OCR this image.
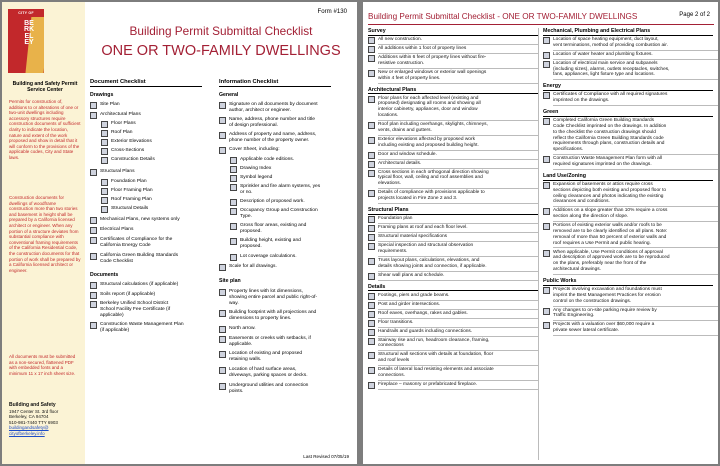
CITY OF
BERKELEY
Building and Safety Permit Service Center
Permits for construction of, additions to or alterations of one or two-unit dwellings including accessory structures require construction documents of sufficient clarity to indicate the location, nature and extent of the work proposed and show in detail that it will conform to the provisions of the applicable codes, City and State laws.
Construction documents for dwellings of woodframe construction more than two stories and basement in height shall be prepared by a California licensed architect or engineer. When any portion of a structure deviates from substantial compliance with conventional framing requirements of the California Residential Code, the construction documents for that portion of work shall be prepared by a California licensed architect or engineer.
All documents must be submitted as a non-secured, flattened PDF with embedded fonts and a minimum 11 x 17 inch sheet size.
Building and Safety
1947 Center St. 3rd floor
Berkeley, CA 94704
510-981-7440 TTY 6903
buildingandsafety@
cityofberkeley.info
Form #130
Building Permit Submittal Checklist
ONE OR TWO-FAMILY DWELLINGS
Document Checklist	Information Checklist
Last Revised 07/05/19
Drawings
Site Plan
Architectural Plans
Floor Plans
Roof Plan
Exterior Elevations
Cross-Sections
Construction Details
Structural Plans
Foundation Plan
Floor Framing Plan
Roof Framing Plan
Structural Details
Mechanical Plans, new systems only
Electrical Plans
Certificates of Compliance for the
California Energy Code
California Green Building Standards
Code Checklist
Documents
Structural calculations (if applicable)
Soils report (if applicable)
Berkeley Unified School District
School Facility Fee Certificate (if
applicable)
Construction Waste Management Plan
(if applicable)
General
Signature on all documents by document
author, architect or engineer.
Name, address, phone number and title
of design professional.
Address of property and name, address,
phone number of the property owner.
Cover Sheet, including:
Applicable code editions.
Drawing Index
Symbol legend
Sprinkler and fire alarm systems, yes
or no.
Description of proposed work.
Occupancy Group and Construction
Type.
Gross floor areas, existing and
proposed.
Building height, existing and
proposed.
Lot coverage calculations.
Scale for all drawings.
Site plan
Property lines with lot dimensions,
showing entire parcel and public right-of-
way.
Building footprint with all projections and
dimensions to property lines.
North arrow.
Easements or creeks with setbacks, if
applicable.
Location of existing and proposed
retaining walls.
Location of hard surface areas,
driveways, parking spaces or decks.
Underground utilities and connection
points.
Building Permit Submittal Checklist - ONE OR TWO-FAMILY DWELLINGS	Page 2 of 2
Survey
All new construction.
All additions within 1 foot of property lines
Additions within 6 feet of property lines without fire-
resistive construction.
New or enlarged windows or exterior wall openings
within 4 feet of property lines.
Architectural Plans
Floor plans for each affected level (existing and
proposed) designating all rooms and showing all
interior cabinetry, appliances, door and window
locations.
Roof plan including overhangs, skylights, chimneys,
vents, drains and gutters.
Exterior elevations affected by proposed work
including existing and proposed building height.
Door and window schedule.
Architectural details.
Cross sections in each orthogonal direction showing
typical floor, wall, ceiling and roof assemblies and
elevations.
Details of compliance with provisions applicable to
projects located in Fire Zone 2 and 3.
Structural Plans
Foundation plan
Framing plans at roof and each floor level.
Structural material specifications
Special inspection and structural observation
requirements.
Truss layout plans, calculations, elevations, and
details showing joints and connection, if applicable.
Shear wall plans and schedule.
Details
Footings, piers and grade beams.
Post and girder intersections.
Roof eaves, overhangs, rakes and gables.
Floor transitions.
Handrails and guards including connections.
Stairway rise and run, headroom clearance, framing,
connections
Structural wall sections with details at foundation, floor
and roof levels
Details of lateral load resisting elements and associate
connections.
Fireplace – masonry or prefabricated fireplace.
Mechanical, Plumbing and Electrical Plans
Location of space heating equipment, duct layout,
vent terminations, method of providing combustion air.
Location of water heater and plumbing fixtures.
Location of electrical main service and subpanels
(including sizes), alarms, outlets receptacles, switches,
fans, appliances, light fixture type and locations.
Energy
Certificates of Compliance with all required signatures
imprinted on the drawings.
Green
Completed California Green Building Standards
Code Checklist imprinted on the drawings. In addition
to the checklist the construction drawings should
reflect the California Green Building Standards code
requirements through plans, construction details and
specifications.
Construction Waste Management Plan form with all
required signatures imprinted on the drawings.
Land Use/Zoning
Expansion of basements or attics require cross
sections depicting both existing and proposed floor to
ceiling clearances and photos indicating the existing
clearances and conditions.
Additions on a slope greater than 10% require a cross
section along the direction of slope.
Portions of existing exterior walls and/or roofs to be
removed are to be clearly identified on all plans. Note:
removal of more than 50 percent of exterior walls and
roof requires a Use Permit and public hearing.
When applicable, Use Permit conditions of approval
and description of approved work are to be reproduced
on the plans, preferably near the front of the
architectural drawings.
Public Works
Projects involving excavation and foundations must
imprint the Best Management Practices for erosion
control on the construction drawings.
Any changes to on-site parking require review by
Traffic Engineering.
Projects with a valuation over $60,000 require a
private sewer lateral certificate.
